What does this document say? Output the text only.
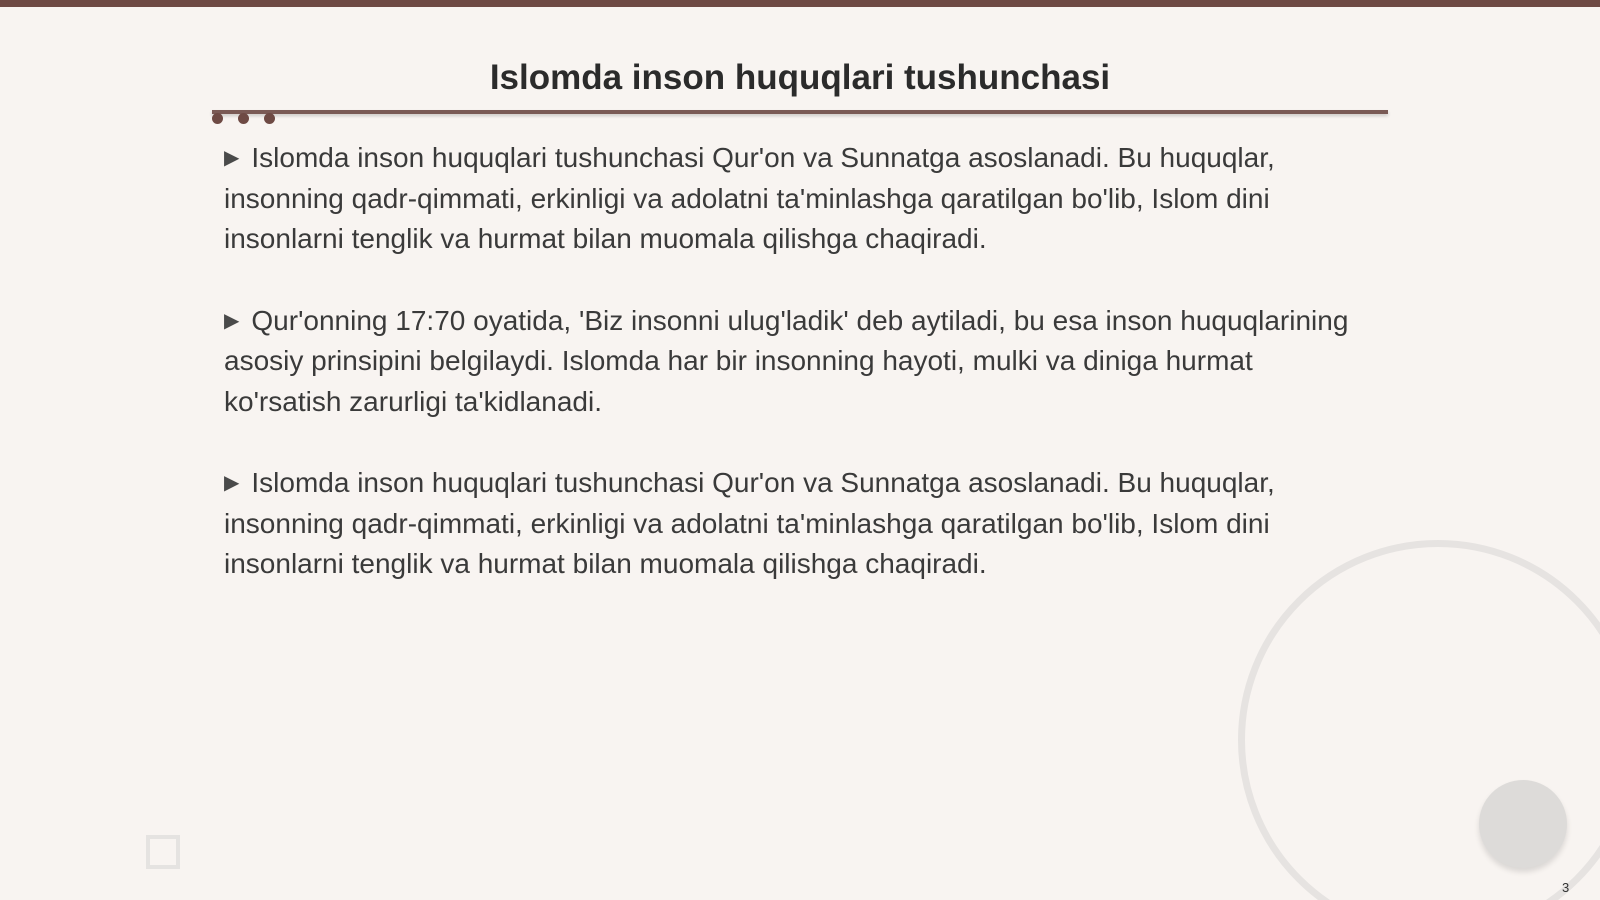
Islomda inson huquqlari tushunchasi

▶ Islomda inson huquqlari tushunchasi Qur'on va Sunnatga asoslanadi. Bu huquqlar, insonning qadr-qimmati, erkinligi va adolatni ta'minlashga qaratilgan bo'lib, Islom dini insonlarni tenglik va hurmat bilan muomala qilishga chaqiradi.

▶ Qur'onning 17:70 oyatida, 'Biz insonni ulug'ladik' deb aytiladi, bu esa inson huquqlarining asosiy prinsipini belgilaydi. Islomda har bir insonning hayoti, mulki va diniga hurmat ko'rsatish zarurligi ta'kidlanadi.

▶ Islomda inson huquqlari tushunchasi Qur'on va Sunnatga asoslanadi. Bu huquqlar, insonning qadr-qimmati, erkinligi va adolatni ta'minlashga qaratilgan bo'lib, Islom dini insonlarni tenglik va hurmat bilan muomala qilishga chaqiradi.

3
